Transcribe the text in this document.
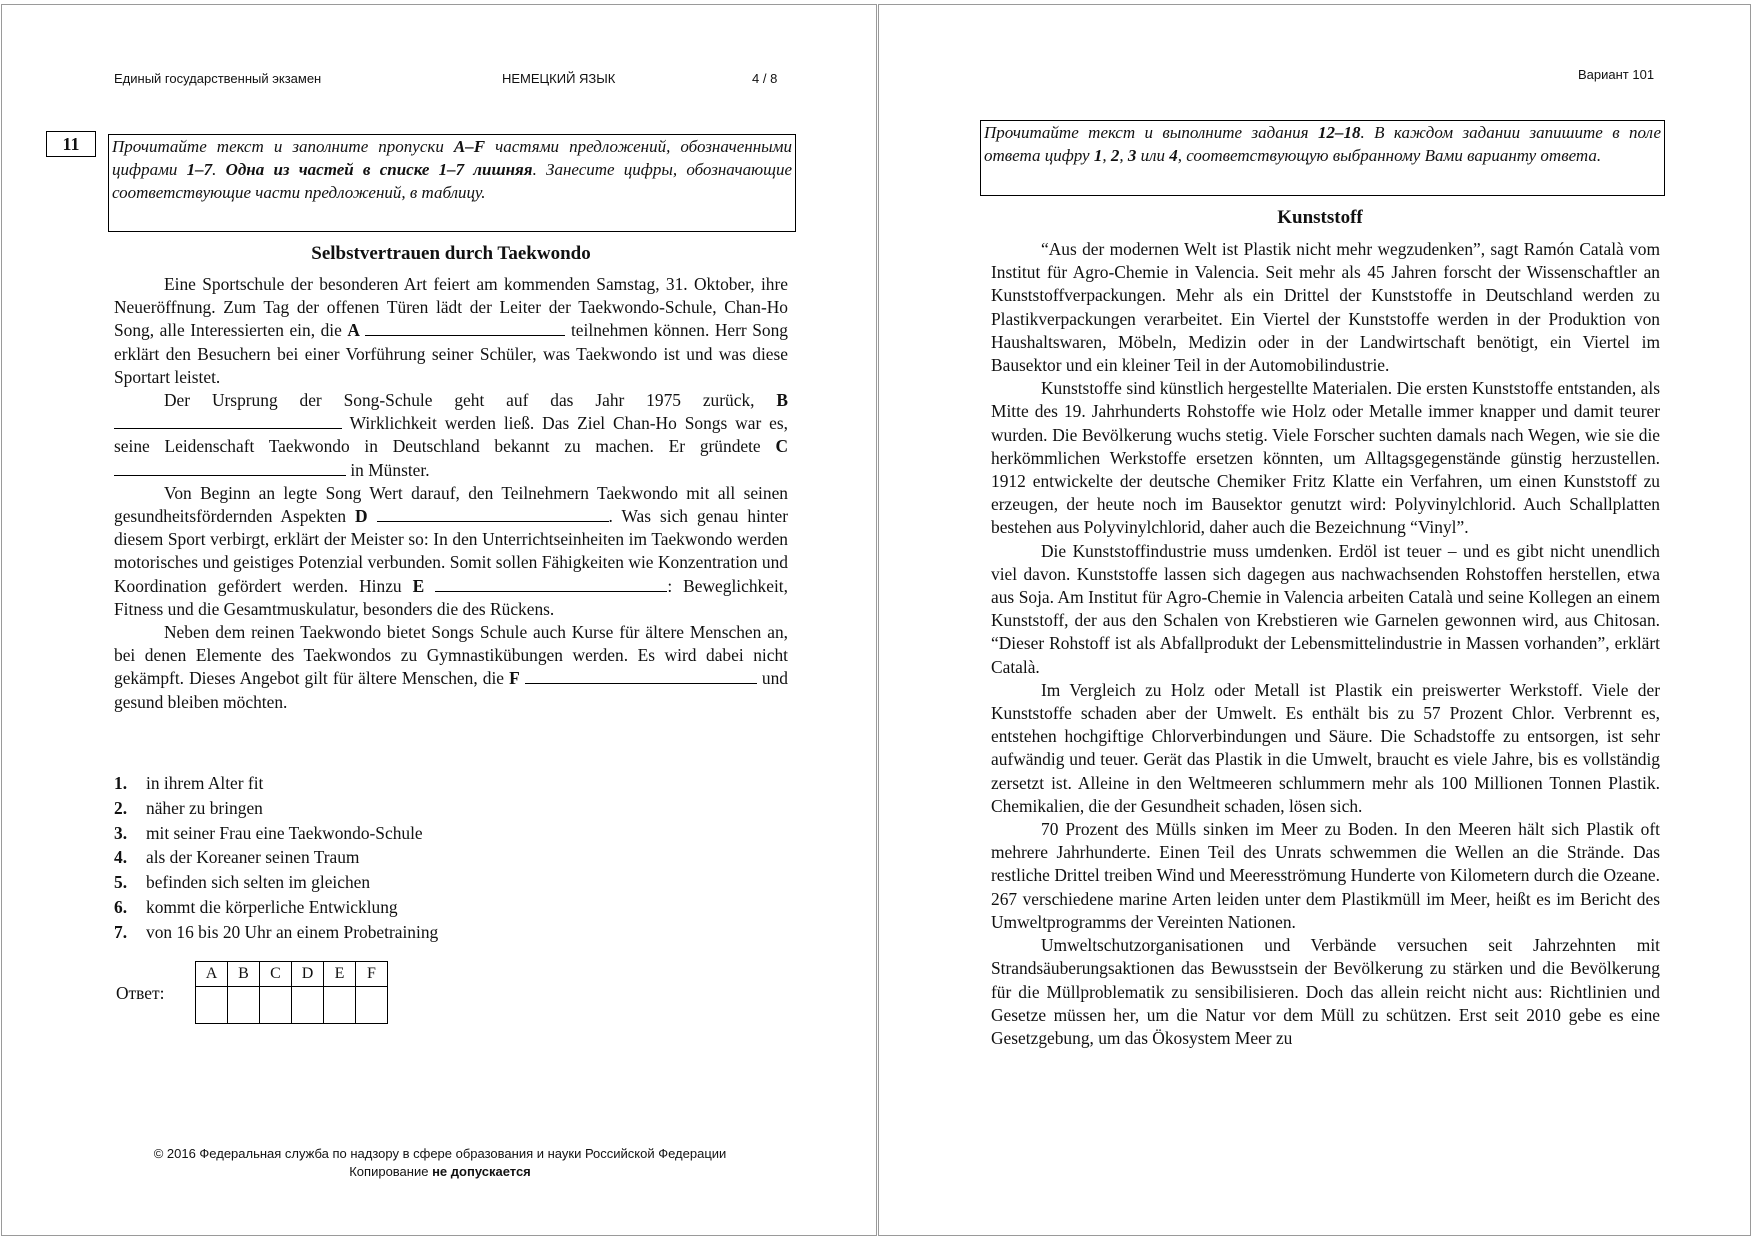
Единый государственный экзамен	НЕМЕЦКИЙ ЯЗЫК	4 / 8
11	Прочитайте текст и заполните пропуски A–F частями предложений, обозначенными цифрами 1–7. Одна из частей в списке 1–7 лишняя. Занесите цифры, обозначающие соответствующие части предложений, в таблицу.
Selbstvertrauen durch Taekwondo

Eine Sportschule der besonderen Art feiert am kommenden Samstag, 31. Oktober, ihre Neueröffnung. Zum Tag der offenen Türen lädt der Leiter der Taekwondo-Schule, Chan-Ho Song, alle Interessierten ein, die A	teilnehmen können. Herr Song erklärt den Besuchern bei einer Vorführung seiner Schüler, was Taekwondo ist und was diese Sportart leistet.

Der Ursprung der Song-Schule geht auf das Jahr 1975 zurück, B  Wirklichkeit werden ließ. Das Ziel Chan-Ho Songs war es, seine Leidenschaft Taekwondo in Deutschland bekannt zu machen. Er gründete C  in Münster.

Von Beginn an legte Song Wert darauf, den Teilnehmern Taekwondo mit all seinen gesundheitsfördernden Aspekten D	. Was sich genau hinter diesem Sport verbirgt, erklärt der Meister so: In den Unterrichtseinheiten im Taekwondo werden motorisches und geistiges Potenzial verbunden. Somit sollen Fähigkeiten wie Konzentration und Koordination gefördert werden. Hinzu E	: Beweglichkeit, Fitness und die Gesamtmuskulatur, besonders die des Rückens.

Neben dem reinen Taekwondo bietet Songs Schule auch Kurse für ältere Menschen an, bei denen Elemente des Taekwondos zu Gymnastikübungen werden. Es wird dabei nicht gekämpft. Dieses Angebot gilt für ältere Menschen, die F	und gesund bleiben möchten.

1. in ihrem Alter fit
2. näher zu bringen
3. mit seiner Frau eine Taekwondo-Schule
4. als der Koreaner seinen Traum
5. befinden sich selten im gleichen
6. kommt die körperliche Entwicklung
7. von 16 bis 20 Uhr an einem Probetraining
Ответ:
A	B	C	D	E	F

© 2016 Федеральная служба по надзору в сфере образования и науки Российской Федерации
Копирование не допускается
Вариант 101
Прочитайте текст и выполните задания 12–18. В каждом задании запишите в поле ответа цифру 1, 2, 3 или 4, соответствующую выбранному Вами варианту ответа.
Kunststoff

“Aus der modernen Welt ist Plastik nicht mehr wegzudenken”, sagt Ramón Català vom Institut für Agro-Chemie in Valencia. Seit mehr als 45 Jahren forscht der Wissenschaftler an Kunststoffverpackungen. Mehr als ein Drittel der Kunststoffe in Deutschland werden zu Plastikverpackungen verarbeitet. Ein Viertel der Kunststoffe werden in der Produktion von Haushaltswaren, Möbeln, Medizin oder in der Landwirtschaft benötigt, ein Viertel im Bausektor und ein kleiner Teil in der Automobilindustrie.

Kunststoffe sind künstlich hergestellte Materialen. Die ersten Kunststoffe entstanden, als Mitte des 19. Jahrhunderts Rohstoffe wie Holz oder Metalle immer knapper und damit teurer wurden. Die Bevölkerung wuchs stetig. Viele Forscher suchten damals nach Wegen, wie sie die herkömmlichen Werkstoffe ersetzen könnten, um Alltagsgegenstände günstig herzustellen. 1912 entwickelte der deutsche Chemiker Fritz Klatte ein Verfahren, um einen Kunststoff zu erzeugen, der heute noch im Bausektor genutzt wird: Polyvinylchlorid. Auch Schallplatten bestehen aus Polyvinylchlorid, daher auch die Bezeichnung “Vinyl”.

Die Kunststoffindustrie muss umdenken. Erdöl ist teuer – und es gibt nicht unendlich viel davon. Kunststoffe lassen sich dagegen aus nachwachsenden Rohstoffen herstellen, etwa aus Soja. Am Institut für Agro-Chemie in Valencia arbeiten Català und seine Kollegen an einem Kunststoff, der aus den Schalen von Krebstieren wie Garnelen gewonnen wird, aus Chitosan. “Dieser Rohstoff ist als Abfallprodukt der Lebensmittelindustrie in Massen vorhanden”, erklärt Català.

Im Vergleich zu Holz oder Metall ist Plastik ein preiswerter Werkstoff. Viele der Kunststoffe schaden aber der Umwelt. Es enthält bis zu 57 Prozent Chlor. Verbrennt es, entstehen hochgiftige Chlorverbindungen und Säure. Die Schadstoffe zu entsorgen, ist sehr aufwändig und teuer. Gerät das Plastik in die Umwelt, braucht es viele Jahre, bis es vollständig zersetzt ist. Alleine in den Weltmeeren schlummern mehr als 100 Millionen Tonnen Plastik. Chemikalien, die der Gesundheit schaden, lösen sich.

70 Prozent des Mülls sinken im Meer zu Boden. In den Meeren hält sich Plastik oft mehrere Jahrhunderte. Einen Teil des Unrats schwemmen die Wellen an die Strände. Das restliche Drittel treiben Wind und Meeresströmung Hunderte von Kilometern durch die Ozeane. 267 verschiedene marine Arten leiden unter dem Plastikmüll im Meer, heißt es im Bericht des Umweltprogramms der Vereinten Nationen.

Umweltschutzorganisationen und Verbände versuchen seit Jahrzehnten mit Strandsäuberungsaktionen das Bewusstsein der Bevölkerung zu stärken und die Bevölkerung für die Müllproblematik zu sensibilisieren. Doch das allein reicht nicht aus: Richtlinien und Gesetze müssen her, um die Natur vor dem Müll zu schützen. Erst seit 2010 gebe es eine Gesetzgebung, um das Ökosystem Meer zu
